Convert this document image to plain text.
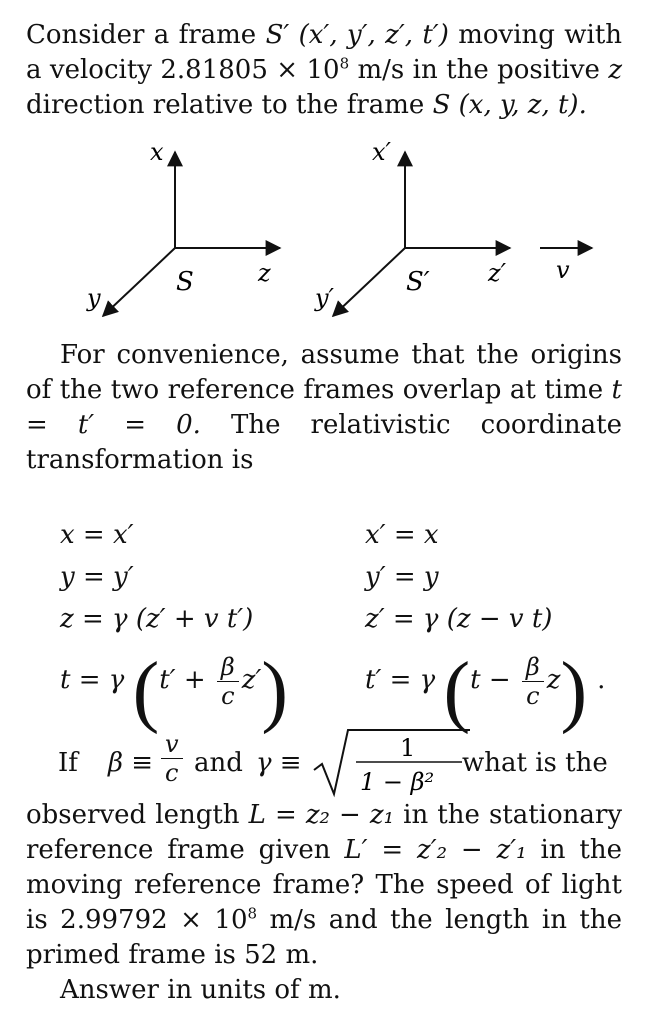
Consider a frame S′ (x′, y′, z′, t′) moving with a velocity $2.81805 \times 10^8$ m/s in the positive z direction relative to the frame S (x, y, z, t).

x
z
y
S
x′
z′
y′
S′	v

For convenience, assume that the origins of the two reference frames overlap at time t = t′ = 0. The relativistic coordinate transformation is

x = x′
y = y′
z = γ (z′ + v t′)
t = γ $(t' + \frac{\beta}{c} z')$
x′ = x
y′ = y
z′ = γ (z − v t)
t′ = γ $(t - \frac{\beta}{c} z)$ .
If $\beta \equiv \frac{v}{c}$ and γ ≡	1
1 − β²
what is the

observed length L = z₂ − z₁ in the stationary reference frame given L′ = z′₂ − z′₁ in the moving reference frame? The speed of light is $2.99792 \times 10^8$ m/s and the length in the primed frame is 52 m.

Answer in units of m.
